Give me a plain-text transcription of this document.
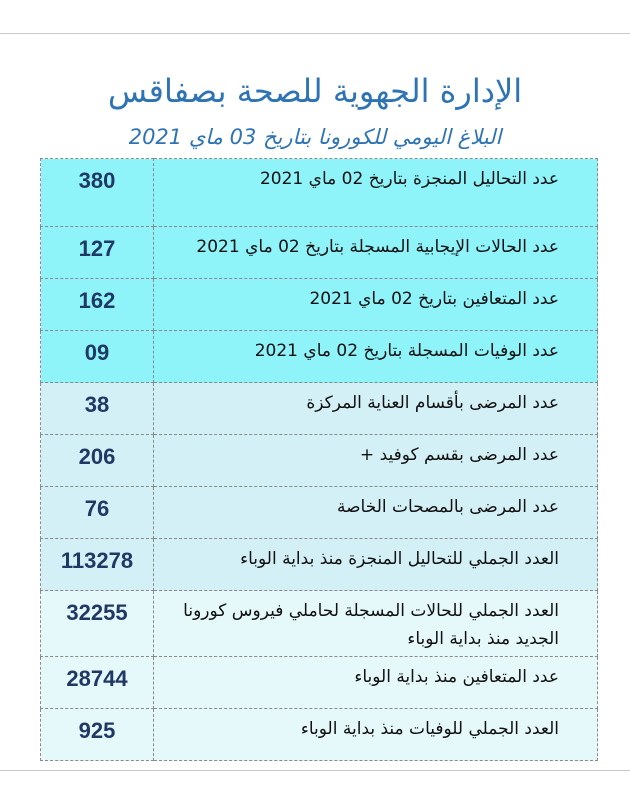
الإدارة الجهوية للصحة بصفاقس

البلاغ اليومي للكورونا بتاريخ 03 ماي 2021

380	عدد التحاليل المنجزة بتاريخ 02 ماي 2021
127	عدد الحالات الإيجابية المسجلة بتاريخ 02 ماي 2021
162	عدد المتعافين بتاريخ 02 ماي 2021
09	عدد الوفيات المسجلة بتاريخ 02 ماي 2021
38	عدد المرضى بأقسام العناية المركزة
206	عدد المرضى بقسم كوفيد +
76	عدد المرضى بالمصحات الخاصة
113278	العدد الجملي للتحاليل المنجزة منذ بداية الوباء
32255	العدد الجملي للحالات المسجلة لحاملي فيروس كورونا الجديد منذ بداية الوباء
28744	عدد المتعافين منذ بداية الوباء
925	العدد الجملي للوفيات منذ بداية الوباء
